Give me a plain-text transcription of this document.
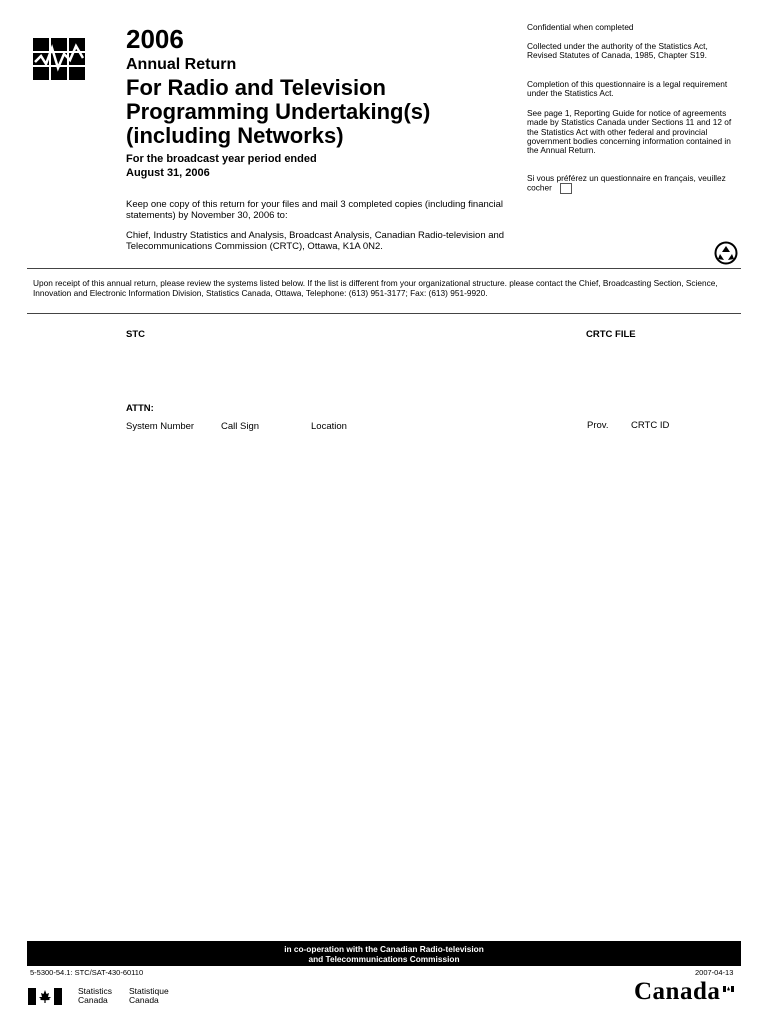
2006
Annual Return
For Radio and Television Programming Undertaking(s) (including Networks)
For the broadcast year period ended
August 31, 2006
Keep one copy of this return for your files and mail 3 completed copies (including financial statements) by November 30, 2006 to:
Chief, Industry Statistics and Analysis, Broadcast Analysis, Canadian Radio-television and Telecommunications Commission (CRTC), Ottawa, K1A 0N2.
Confidential when completed
Collected under the authority of the Statistics Act, Revised Statutes of Canada, 1985, Chapter S19.
Completion of this questionnaire is a legal requirement under the Statistics Act.
See page 1, Reporting Guide for notice of agreements made by Statistics Canada under Sections 11 and 12 of the Statistics Act with other federal and provincial government bodies concerning information contained in the Annual Return.
Si vous préférez un questionnaire en français, veuillez cocher
Upon receipt of this annual return, please review the systems listed below. If the list is different from your organizational structure. please contact the Chief, Broadcasting Section, Science, Innovation and Electronic Information Division, Statistics Canada, Ottawa, Telephone: (613) 951-3177; Fax: (613) 951-9920.
STC	CRTC FILE
ATTN:
System Number	Call Sign	Location	Prov. CRTC ID
in co-operation with the Canadian Radio-television
and Telecommunications Commission
5-5300-54.1: STC/SAT-430-60110	2007-04-13
Statistics
Canada
Statistique
Canada	Canada
